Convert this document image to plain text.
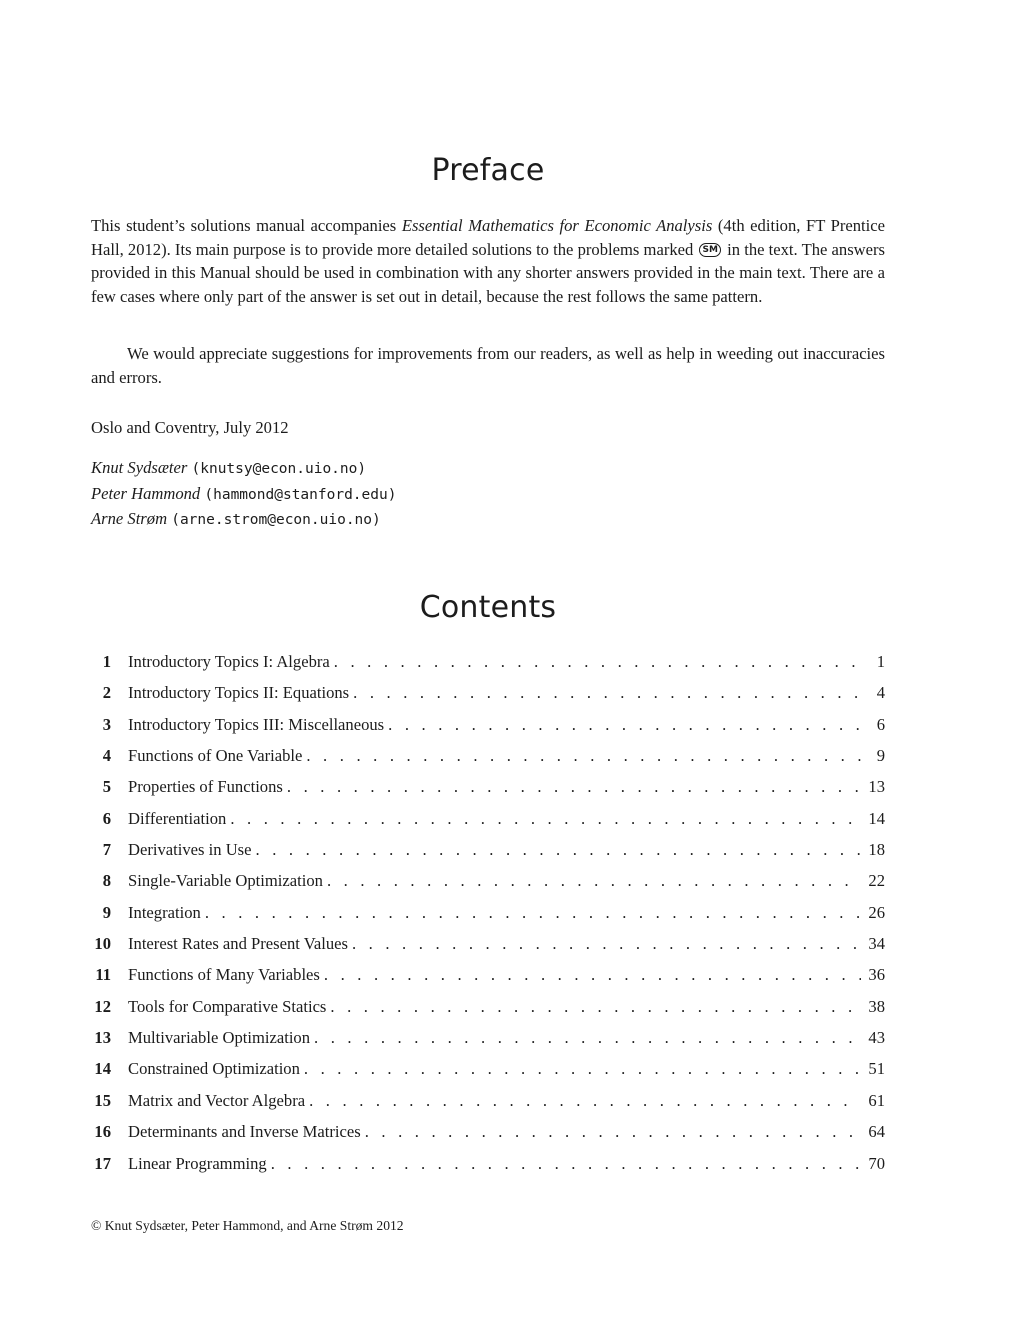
Preface

This student’s solutions manual accompanies Essential Mathematics for Economic Analysis (4th edition, FT Prentice Hall, 2012). Its main purpose is to provide more detailed solutions to the problems marked SM in the text. The answers provided in this Manual should be used in combination with any shorter answers provided in the main text. There are a few cases where only part of the answer is set out in detail, because the rest follows the same pattern.

We would appreciate suggestions for improvements from our readers, as well as help in weeding out inaccuracies and errors.

Oslo and Coventry, July 2012

Knut Sydsæter (knutsy@econ.uio.no)
Peter Hammond (hammond@stanford.edu)
Arne Strøm (arne.strom@econ.uio.no)
Contents
1 Introductory Topics I: Algebra . . .	1
2 Introductory Topics II: Equations . . .	4
3 Introductory Topics III: Miscellaneous . . .	6
4 Functions of One Variable . . .	9
5 Properties of Functions . . .	13
6 Differentiation . . .	14
7 Derivatives in Use . . .	18
8 Single-Variable Optimization . . .	22
9 Integration . . .	26
10 Interest Rates and Present Values . . .	34
11 Functions of Many Variables . . .	36
12 Tools for Comparative Statics . . .	38
13 Multivariable Optimization . . .	43
14 Constrained Optimization . . .	51
15 Matrix and Vector Algebra . . .	61
16 Determinants and Inverse Matrices . . .	64
17 Linear Programming . . .	70

© Knut Sydsæter, Peter Hammond, and Arne Strøm 2012
